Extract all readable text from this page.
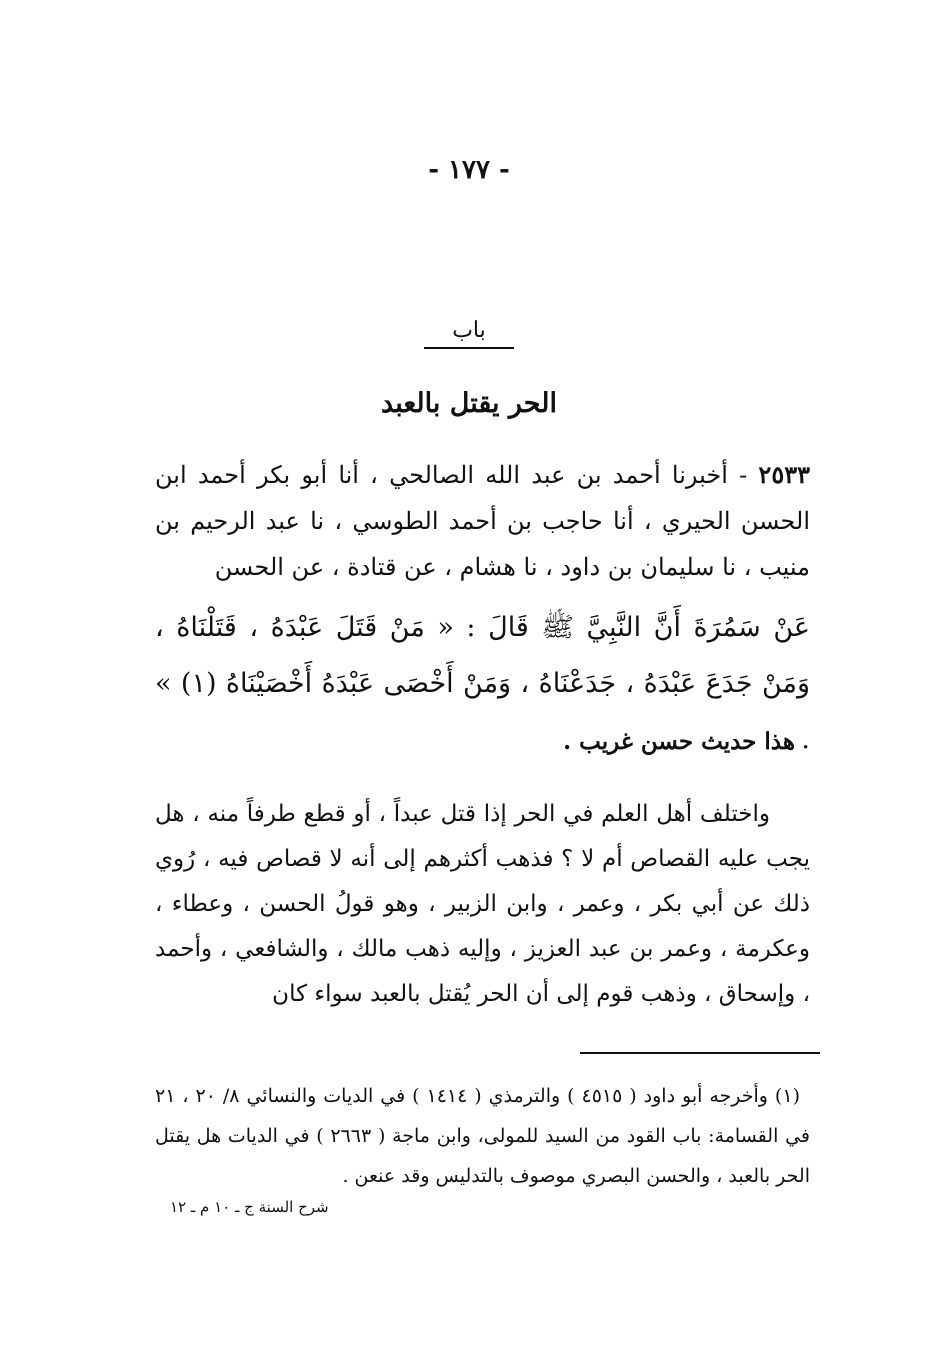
- ١٧٧ -
باب
الحر يقتل بالعبد
٢٥٣٣ - أخبرنا أحمد بن عبد الله الصالحي ، أنا أبو بكر أحمد ابن الحسن الحيري ، أنا حاجب بن أحمد الطوسي ، نا عبد الرحيم بن منيب ، نا سليمان بن داود ، نا هشام ، عن قتادة ، عن الحسن
عَنْ سَمُرَةَ أَنَّ النَّبِيَّ ﷺ قَالَ : « مَنْ قَتَلَ عَبْدَهُ ، قَتَلْنَاهُ ، وَمَنْ جَدَعَ عَبْدَهُ ، جَدَعْنَاهُ ، وَمَنْ أَخْصَى عَبْدَهُ أَخْصَيْنَاهُ (١) » .
هذا حديث حسن غريب .

واختلف أهل العلم في الحر إذا قتل عبداً ، أو قطع طرفاً منه ، هل يجب عليه القصاص أم لا ؟ فذهب أكثرهم إلى أنه لا قصاص فيه ، رُوي ذلك عن أبي بكر ، وعمر ، وابن الزبير ، وهو قولُ الحسن ، وعطاء ، وعكرمة ، وعمر بن عبد العزيز ، وإليه ذهب مالك ، والشافعي ، وأحمد ، وإسحاق ، وذهب قوم إلى أن الحر يُقتل بالعبد سواء كان

(١) وأخرجه أبو داود ( ٤٥١٥ ) والترمذي ( ١٤١٤ ) في الديات والنسائي ٨/ ٢٠ ، ٢١ في القسامة: باب القود من السيد للمولى، وابن ماجة ( ٢٦٦٣ ) في الديات هل يقتل الحر بالعبد ، والحسن البصري موصوف بالتدليس وقد عنعن .

شرح السنة ج ـ ١٠ م ـ ١٢
